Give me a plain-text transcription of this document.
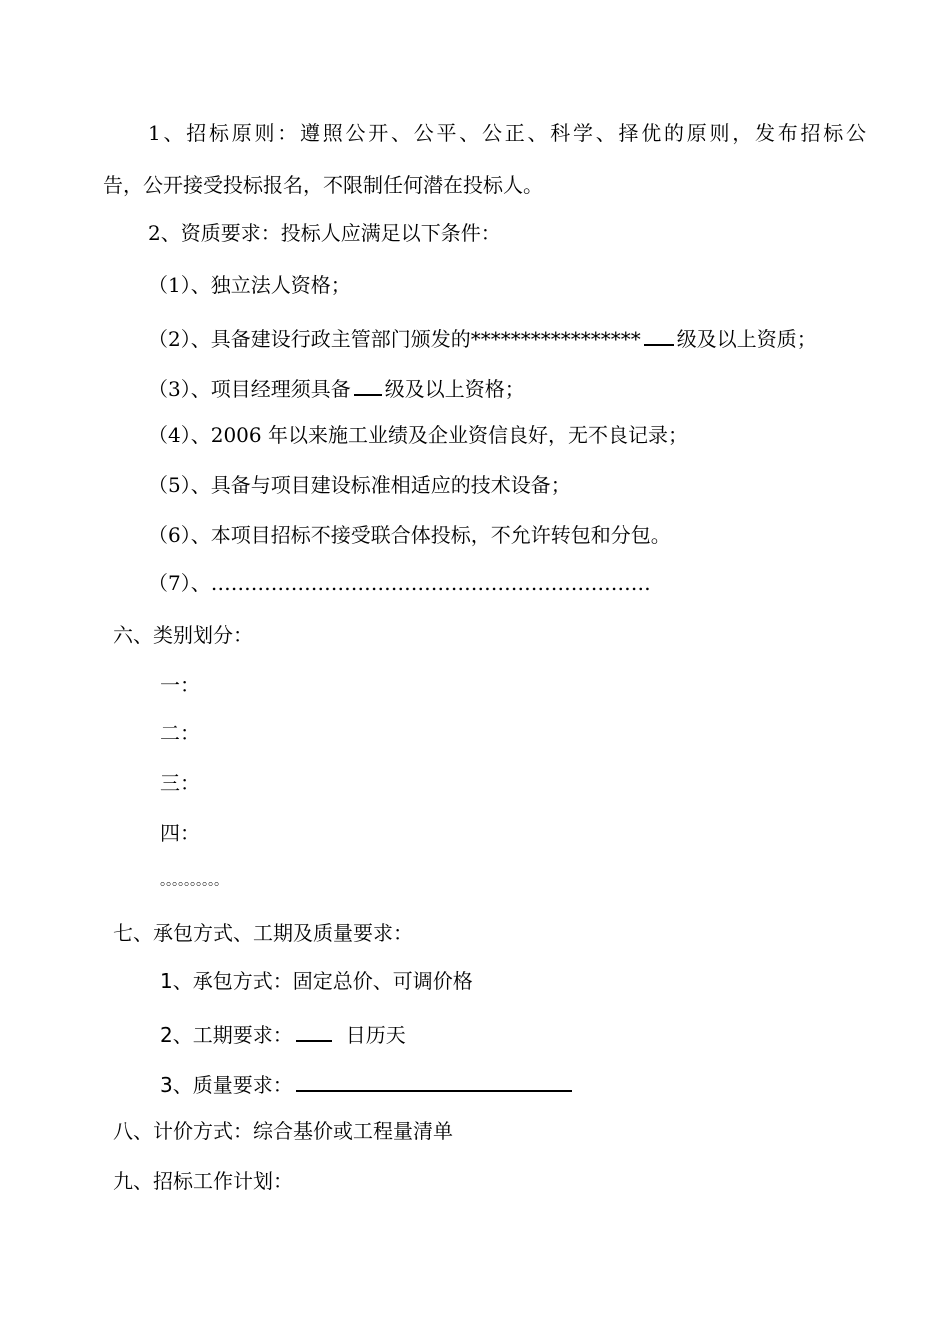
1、招标原则：遵照公开、公平、公正、科学、择优的原则，发布招标公
告，公开接受投标报名，不限制任何潜在投标人。
2、资质要求：投标人应满足以下条件：
（1）、独立法人资格；
（2）、具备建设行政主管部门颁发的***************** 级及以上资质；
（3）、项目经理须具备 级及以上资格；
（4）、2006 年以来施工业绩及企业资信良好，无不良记录；
（5）、具备与项目建设标准相适应的技术设备；
（6）、本项目招标不接受联合体投标，不允许转包和分包。
（7）、…………………………………………………………
六、类别划分：
一：
二：
三：
四：
。。。。。。。。。。
七、承包方式、工期及质量要求：
1、承包方式：固定总价、可调价格
2、工期要求：	日历天
3、质量要求：
八、计价方式：综合基价或工程量清单
九、招标工作计划：
